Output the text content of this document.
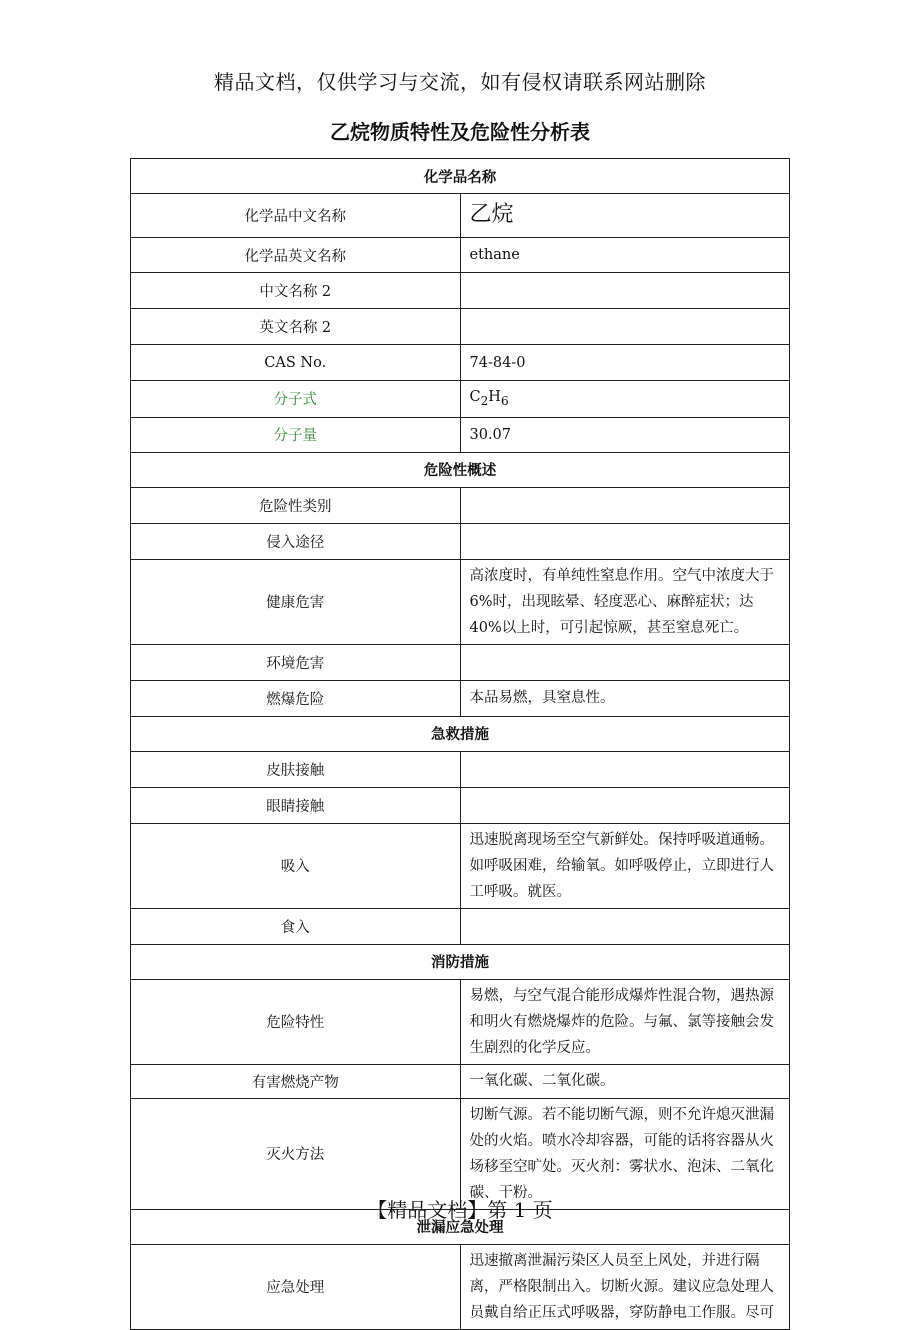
精品文档，仅供学习与交流，如有侵权请联系网站删除
乙烷物质特性及危险性分析表
化学品名称	
化学品中文名称	乙烷
化学品英文名称	ethane
中文名称 2	
英文名称 2	
CAS No.	74-84-0
分子式	$C_2H_6$
分子量	30.07
危险性概述	
危险性类别	
侵入途径	
健康危害	高浓度时，有单纯性窒息作用。空气中浓度大于 6%时，出现眩晕、轻度恶心、麻醉症状；达 40%以上时，可引起惊厥，甚至窒息死亡。
环境危害	
燃爆危险	本品易燃，具窒息性。
急救措施	
皮肤接触	
眼睛接触	
吸入	迅速脱离现场至空气新鲜处。保持呼吸道通畅。如呼吸困难，给输氧。如呼吸停止，立即进行人工呼吸。就医。
食入	
消防措施	
危险特性	易燃，与空气混合能形成爆炸性混合物，遇热源和明火有燃烧爆炸的危险。与氟、氯等接触会发生剧烈的化学反应。
有害燃烧产物	一氧化碳、二氧化碳。
灭火方法	切断气源。若不能切断气源，则不允许熄灭泄漏处的火焰。喷水冷却容器，可能的话将容器从火场移至空旷处。灭火剂：雾状水、泡沫、二氧化碳、干粉。
泄漏应急处理	
应急处理	迅速撤离泄漏污染区人员至上风处，并进行隔离，严格限制出入。切断火源。建议应急处理人员戴自给正压式呼吸器，穿防静电工作服。尽可
【精品文档】第 1 页
